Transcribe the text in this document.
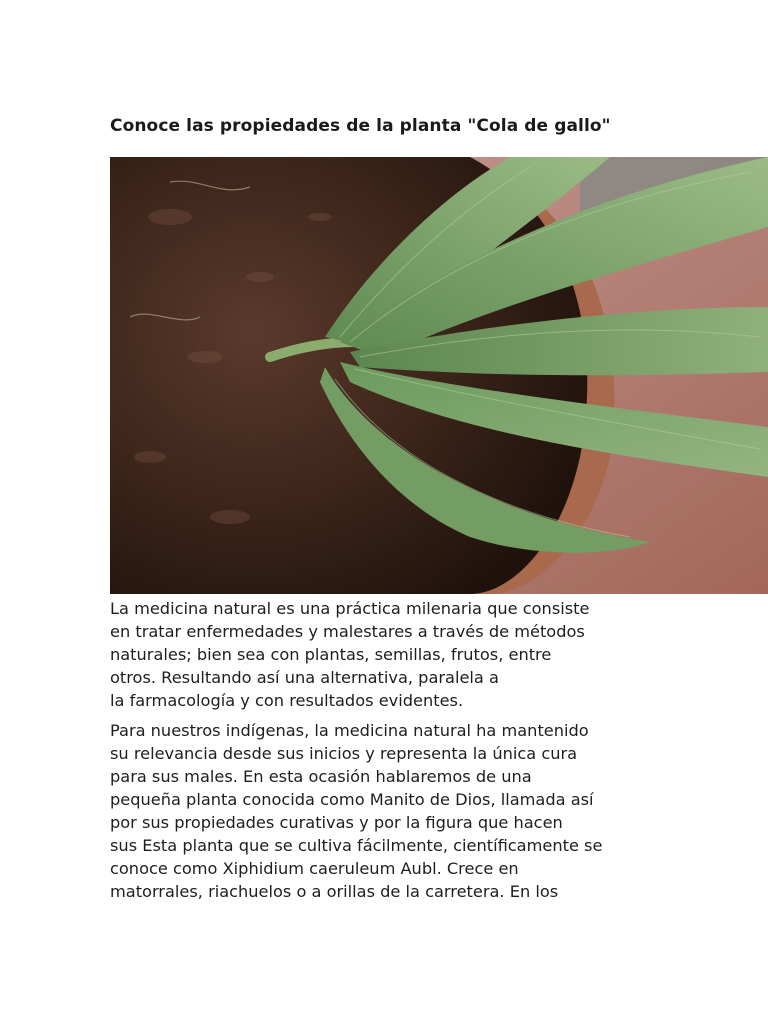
Conoce las propiedades de la planta "Cola de gallo"
La medicina natural es una práctica milenaria que consiste
en tratar enfermedades y malestares a través de métodos
naturales; bien sea con plantas, semillas, frutos, entre
otros. Resultando así una alternativa, paralela a
la farmacología y con resultados evidentes.
Para nuestros indígenas, la medicina natural ha mantenido
su relevancia desde sus inicios y representa la única cura
para sus males. En esta ocasión hablaremos de una
pequeña planta conocida como Manito de Dios, llamada así
por sus propiedades curativas y por la figura que hacen
sus Esta planta que se cultiva fácilmente, científicamente se
conoce como Xiphidium caeruleum Aubl. Crece en
matorrales, riachuelos o a orillas de la carretera. En los
